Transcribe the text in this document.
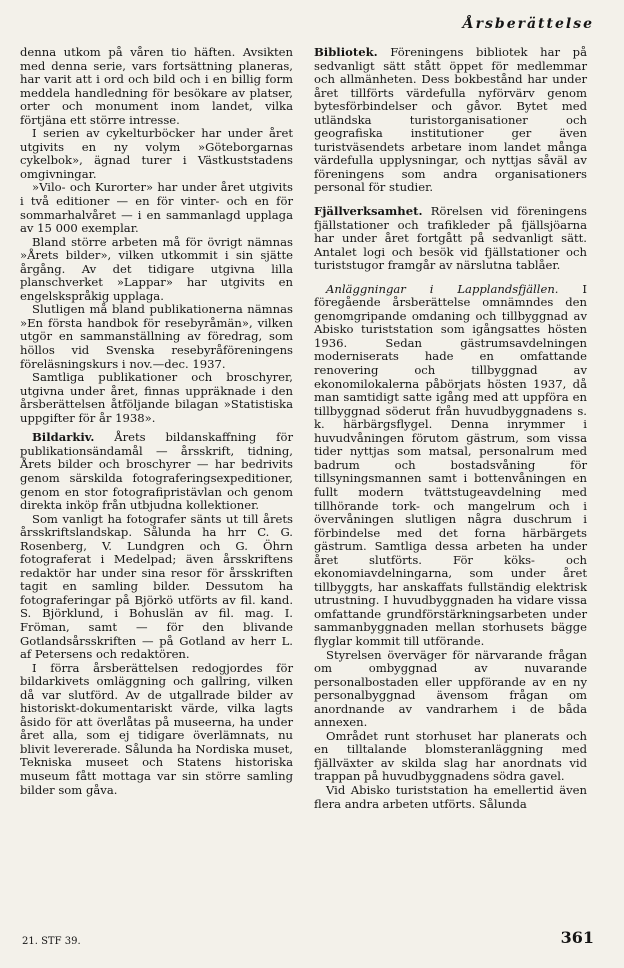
Årsberättelse

denna utkom på våren tio häften. Avsikten med denna serie, vars fortsättning planeras, har varit att i ord och bild och i en billig form meddela handledning för besökare av platser, orter och monument inom landet, vilka förtjäna ett större intresse.

I serien av cykelturböcker har under året utgivits en ny volym »Göteborgarnas cykelbok», ägnad turer i Västkuststadens omgivningar.

»Vilo- och Kurorter» har under året utgivits i två editioner — en för vinter- och en för sommarhalvåret — i en sammanlagd upplaga av 15 000 exemplar.

Bland större arbeten må för övrigt nämnas »Årets bilder», vilken utkommit i sin sjätte årgång. Av det tidigare utgivna lilla planschverket »Lappar» har utgivits en engelskspråkig upplaga.

Slutligen må bland publikationerna nämnas »En första handbok för resebyråmän», vilken utgör en sammanställning av föredrag, som höllos vid Svenska resebyråföreningens föreläsningskurs i nov.—dec. 1937.

Samtliga publikationer och broschyrer, utgivna under året, finnas uppräknade i den årsberättelsen åtföljande bilagan »Statistiska uppgifter för år 1938».

Bildarkiv. Årets bildanskaffning för publikationsändamål — årsskrift, tidning, Årets bilder och broschyrer — har bedrivits genom särskilda fotograferingsexpeditioner, genom en stor fotografipristävlan och genom direkta inköp från utbjudna kollektioner.

Som vanligt ha fotografer sänts ut till årets årsskriftslandskap. Sålunda ha hrr C. G. Rosenberg, V. Lundgren och G. Öhrn fotograferat i Medelpad; även årsskriftens redaktör har under sina resor för årsskriften tagit en samling bilder. Dessutom ha fotograferingar på Björkö utförts av fil. kand. S. Björklund, i Bohuslän av fil. mag. I. Fröman, samt — för den blivande Gotlandsårsskriften — på Gotland av herr L. af Petersens och redaktören.

I förra årsberättelsen redogjordes för bildarkivets omläggning och gallring, vilken då var slutförd. Av de utgallrade bilder av historiskt-dokumentariskt värde, vilka lagts åsido för att överlåtas på museerna, ha under året alla, som ej tidigare överlämnats, nu blivit levererade. Sålunda ha Nordiska muset, Tekniska museet och Statens historiska museum fått mottaga var sin större samling bilder som gåva.

Bibliotek. Föreningens bibliotek har på sedvanligt sätt stått öppet för medlemmar och allmänheten. Dess bokbestånd har under året tillförts värdefulla nyförvärv genom bytesförbindelser och gåvor. Bytet med utländska turistorganisationer och geografiska institutioner ger även turistväsendets arbetare inom landet många värdefulla upplysningar, och nyttjas såväl av föreningens som andra organisationers personal för studier.

Fjällverksamhet. Rörelsen vid föreningens fjällstationer och trafikleder på fjällsjöarna har under året fortgått på sedvanligt sätt. Antalet logi och besök vid fjällstationer och turiststugor framgår av närslutna tablåer.

Anläggningar i Lapplandsfjällen. I föregående årsberättelse omnämndes den genomgripande omdaning och tillbyggnad av Abisko turiststation som igångsattes hösten 1936. Sedan gästrumsavdelningen moderniserats hade en omfattande renovering och tillbyggnad av ekonomilokalerna påbörjats hösten 1937, då man samtidigt satte igång med att uppföra en tillbyggnad söderut från huvudbyggnadens s. k. härbärgsflygel. Denna inrymmer i huvudvåningen förutom gästrum, som vissa tider nyttjas som matsal, personalrum med badrum och bostadsvåning för tillsyningsmannen samt i bottenvåningen en fullt modern tvättstugeavdelning med tillhörande tork- och mangelrum och i övervåningen slutligen några duschrum i förbindelse med det forna härbärgets gästrum. Samtliga dessa arbeten ha under året slutförts. För köks- och ekonomiavdelningarna, som under året tillbyggts, har anskaffats fullständig elektrisk utrustning. I huvudbyggnaden ha vidare vissa omfattande grundförstärkningsarbeten under sammanbyggnaden mellan storhusets bägge flyglar kommit till utförande.

Styrelsen överväger för närvarande frågan om ombyggnad av nuvarande personalbostaden eller uppförande av en ny personalbyggnad ävensom frågan om anordnande av vandrarhem i de båda annexen.

Området runt storhuset har planerats och en tilltalande blomsteranläggning med fjällväxter av skilda slag har anordnats vid trappan på huvudbyggnadens södra gavel.

Vid Abisko turiststation ha emellertid även flera andra arbeten utförts. Sålunda

21. STF 39.	361
